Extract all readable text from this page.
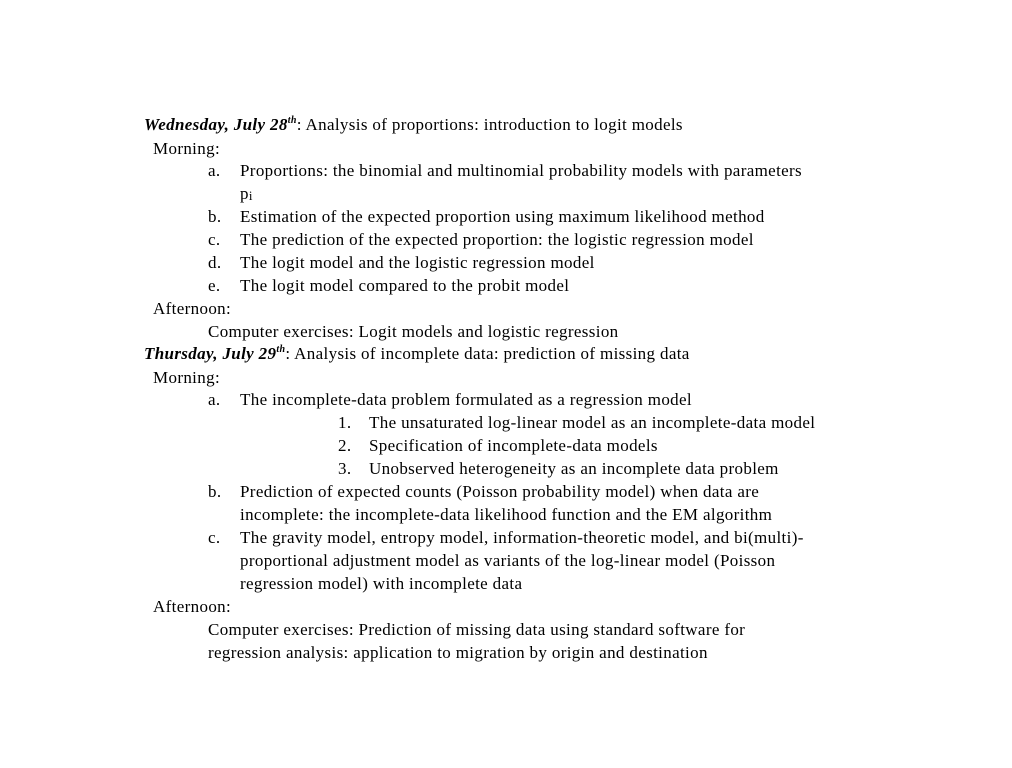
Wednesday, July 28th: Analysis of proportions: introduction to logit models
Morning:
a. Proportions: the binomial and multinomial probability models with parameters
pi
b. Estimation of the expected proportion using maximum likelihood method
c. The prediction of the expected proportion: the logistic regression model
d. The logit model and the logistic regression model
e. The logit model compared to the probit model
Afternoon:
Computer exercises: Logit models and logistic regression
Thursday, July 29th: Analysis of incomplete data: prediction of missing data
Morning:
a. The incomplete-data problem formulated as a regression model
1. The unsaturated log-linear model as an incomplete-data model
2. Specification of incomplete-data models
3. Unobserved heterogeneity as an incomplete data problem
b. Prediction of expected counts (Poisson probability model) when data are
incomplete: the incomplete-data likelihood function and the EM algorithm
c. The gravity model, entropy model, information-theoretic model, and bi(multi)-
proportional adjustment model as variants of the log-linear model (Poisson
regression model) with incomplete data
Afternoon:
Computer exercises: Prediction of missing data using standard software for
regression analysis: application to migration by origin and destination
